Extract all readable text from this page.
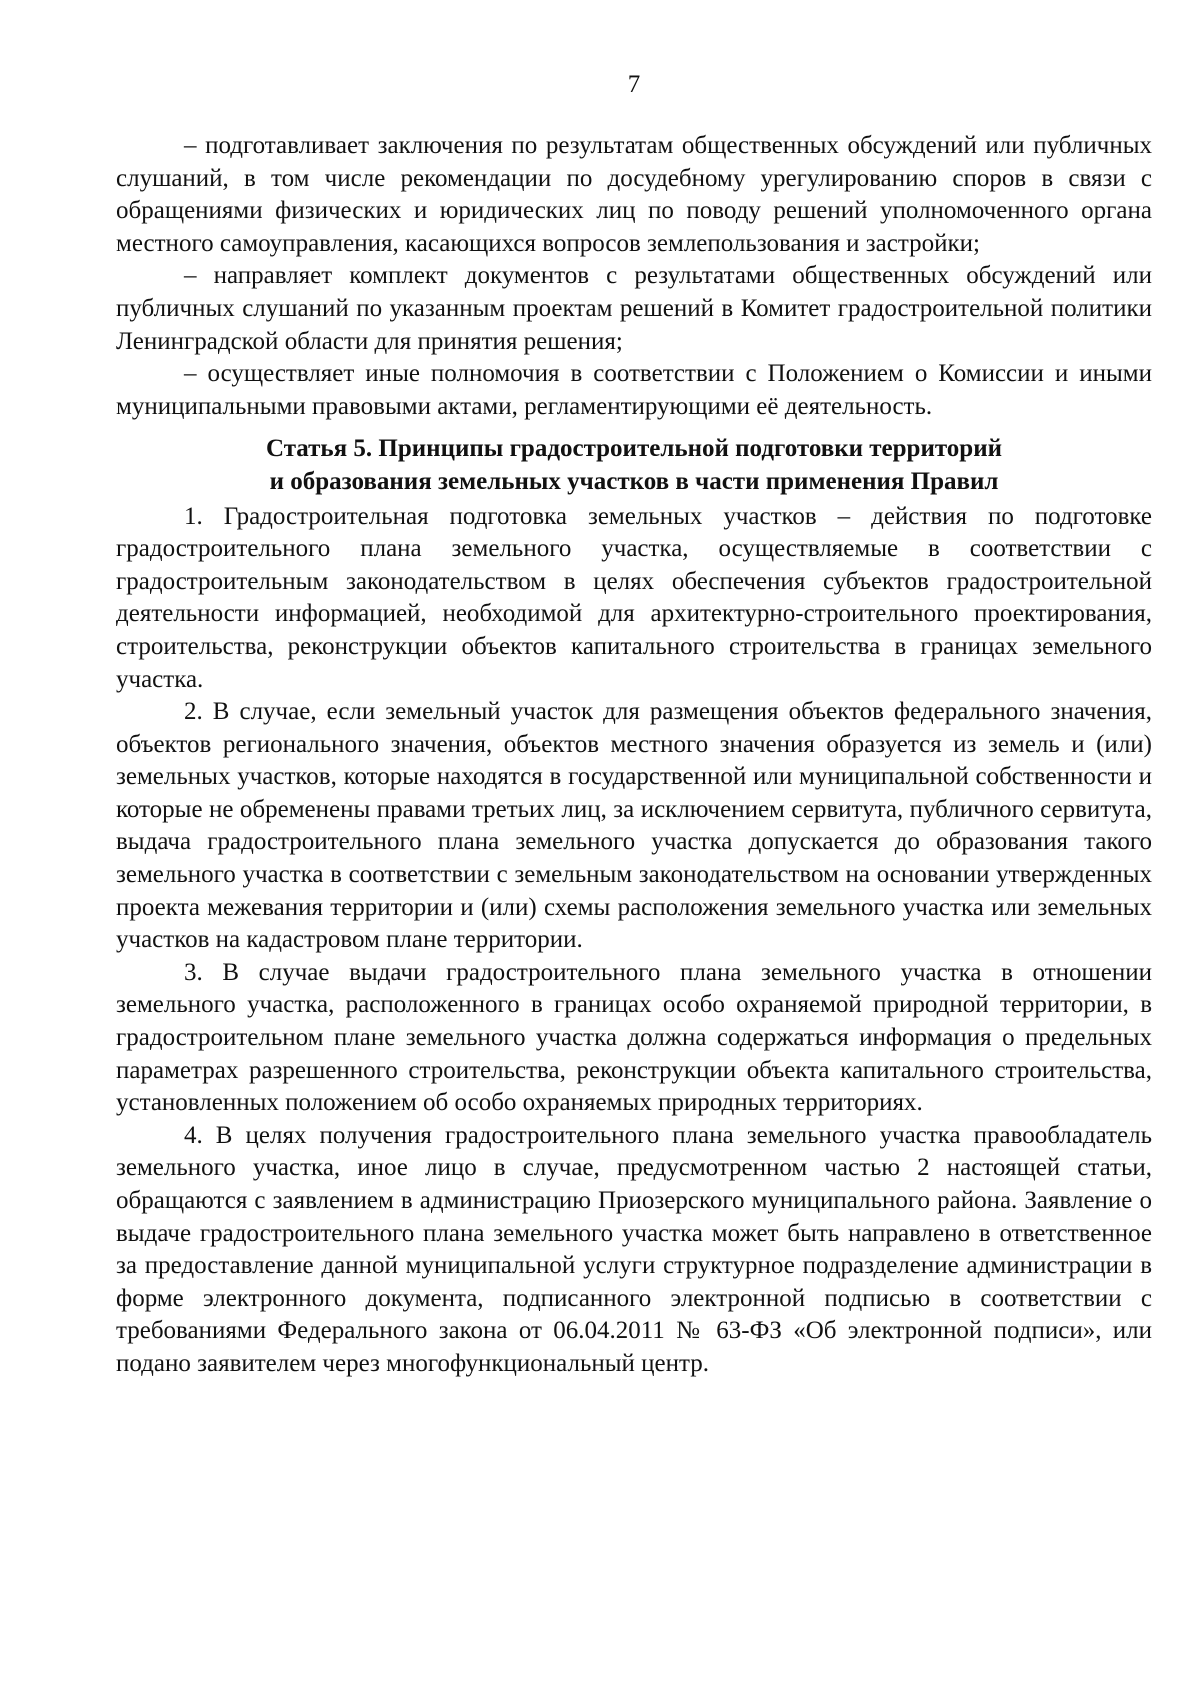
7

– подготавливает заключения по результатам общественных обсуждений или публичных слушаний, в том числе рекомендации по досудебному урегулированию споров в связи с обращениями физических и юридических лиц по поводу решений уполномоченного органа местного самоуправления, касающихся вопросов землепользования и застройки;

– направляет комплект документов с результатами общественных обсуждений или публичных слушаний по указанным проектам решений в Комитет градостроительной политики Ленинградской области для принятия решения;

– осуществляет иные полномочия в соответствии с Положением о Комиссии и иными муниципальными правовыми актами, регламентирующими её деятельность.

Статья 5. Принципы градостроительной подготовки территорий
и образования земельных участков в части применения Правил

1. Градостроительная подготовка земельных участков – действия по подготовке градостроительного плана земельного участка, осуществляемые в соответствии с градостроительным законодательством в целях обеспечения субъектов градостроительной деятельности информацией, необходимой для архитектурно-строительного проектирования, строительства, реконструкции объектов капитального строительства в границах земельного участка.

2. В случае, если земельный участок для размещения объектов федерального значения, объектов регионального значения, объектов местного значения образуется из земель и (или) земельных участков, которые находятся в государственной или муниципальной собственности и которые не обременены правами третьих лиц, за исключением сервитута, публичного сервитута, выдача градостроительного плана земельного участка допускается до образования такого земельного участка в соответствии с земельным законодательством на основании утвержденных проекта межевания территории и (или) схемы расположения земельного участка или земельных участков на кадастровом плане территории.

3. В случае выдачи градостроительного плана земельного участка в отношении земельного участка, расположенного в границах особо охраняемой природной территории, в градостроительном плане земельного участка должна содержаться информация о предельных параметрах разрешенного строительства, реконструкции объекта капитального строительства, установленных положением об особо охраняемых природных территориях.

4. В целях получения градостроительного плана земельного участка правообладатель земельного участка, иное лицо в случае, предусмотренном частью 2 настоящей статьи, обращаются с заявлением в администрацию Приозерского муниципального района. Заявление о выдаче градостроительного плана земельного участка может быть направлено в ответственное за предоставление данной муниципальной услуги структурное подразделение администрации в форме электронного документа, подписанного электронной подписью в соответствии с требованиями Федерального закона от 06.04.2011 № 63-ФЗ «Об электронной подписи», или подано заявителем через многофункциональный центр.
